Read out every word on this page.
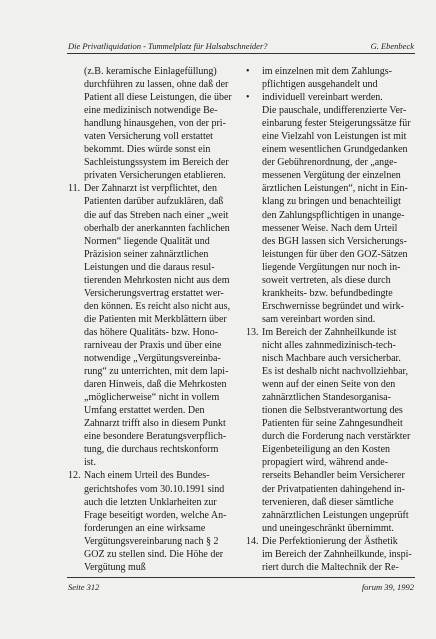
Die Privatliquidation - Tummelplatz für Halsabschneider?	G. Ebenbeck
(z.B. keramische Einlagefüllung)
durchführen zu lassen, ohne daß der
Patient all diese Leistungen, die über
eine medizinisch notwendige Be-
handlung hinausgehen, von der pri-
vaten Versicherung voll erstattet
bekommt. Dies würde sonst ein
Sachleistungssystem im Bereich der
privaten Versicherungen etablieren.
11. Der Zahnarzt ist verpflichtet, den
Patienten darüber aufzuklären, daß
die auf das Streben nach einer „weit
oberhalb der anerkannten fachlichen
Normen“ liegende Qualität und
Präzision seiner zahnärztlichen
Leistungen und die daraus resul-
tierenden Mehrkosten nicht aus dem
Versicherungsvertrag erstattet wer-
den können. Es reicht also nicht aus,
die Patienten mit Merkblättern über
das höhere Qualitäts- bzw. Hono-
rarniveau der Praxis und über eine
notwendige „Vergütungsvereinba-
rung“ zu unterrichten, mit dem lapi-
daren Hinweis, daß die Mehrkosten
„möglicherweise“ nicht in vollem
Umfang erstattet werden. Den
Zahnarzt trifft also in diesem Punkt
eine besondere Beratungsverpflich-
tung, die durchaus rechtskonform
ist.
12. Nach einem Urteil des Bundes-
gerichtshofes vom 30.10.1991 sind
auch die letzten Unklarheiten zur
Frage beseitigt worden, welche An-
forderungen an eine wirksame
Vergütungsvereinbarung nach § 2
GOZ zu stellen sind. Die Höhe der
Vergütung muß
• im einzelnen mit dem Zahlungs-
pflichtigen ausgehandelt und
• individuell vereinbart werden.
Die pauschale, undifferenzierte Ver-
einbarung fester Steigerungssätze für
eine Vielzahl von Leistungen ist mit
einem wesentlichen Grundgedanken
der Gebührenordnung, der „ange-
messenen Vergütung der einzelnen
ärztlichen Leistungen“, nicht in Ein-
klang zu bringen und benachteiligt
den Zahlungspflichtigen in unange-
messener Weise. Nach dem Urteil
des BGH lassen sich Versicherungs-
leistungen für über den GOZ-Sätzen
liegende Vergütungen nur noch in-
soweit vertreten, als diese durch
krankheits- bzw. befundbedingte
Erschwernisse begründet und wirk-
sam vereinbart worden sind.
13. Im Bereich der Zahnheilkunde ist
nicht alles zahnmedizinisch-tech-
nisch Machbare auch versicherbar.
Es ist deshalb nicht nachvollziehbar,
wenn auf der einen Seite von den
zahnärztlichen Standesorganisa-
tionen die Selbstverantwortung des
Patienten für seine Zahngesundheit
durch die Forderung nach verstärkter
Eigenbeteiligung an den Kosten
propagiert wird, während ande-
rerseits Behandler beim Versicherer
der Privatpatienten dahingehend in-
tervenieren, daß dieser sämtliche
zahnärztlichen Leistungen ungeprüft
und uneingeschränkt übernimmt.
14. Die Perfektionierung der Ästhetik
im Bereich der Zahnheilkunde, inspi-
riert durch die Maltechnik der Re-
Seite 312	forum 39, 1992
